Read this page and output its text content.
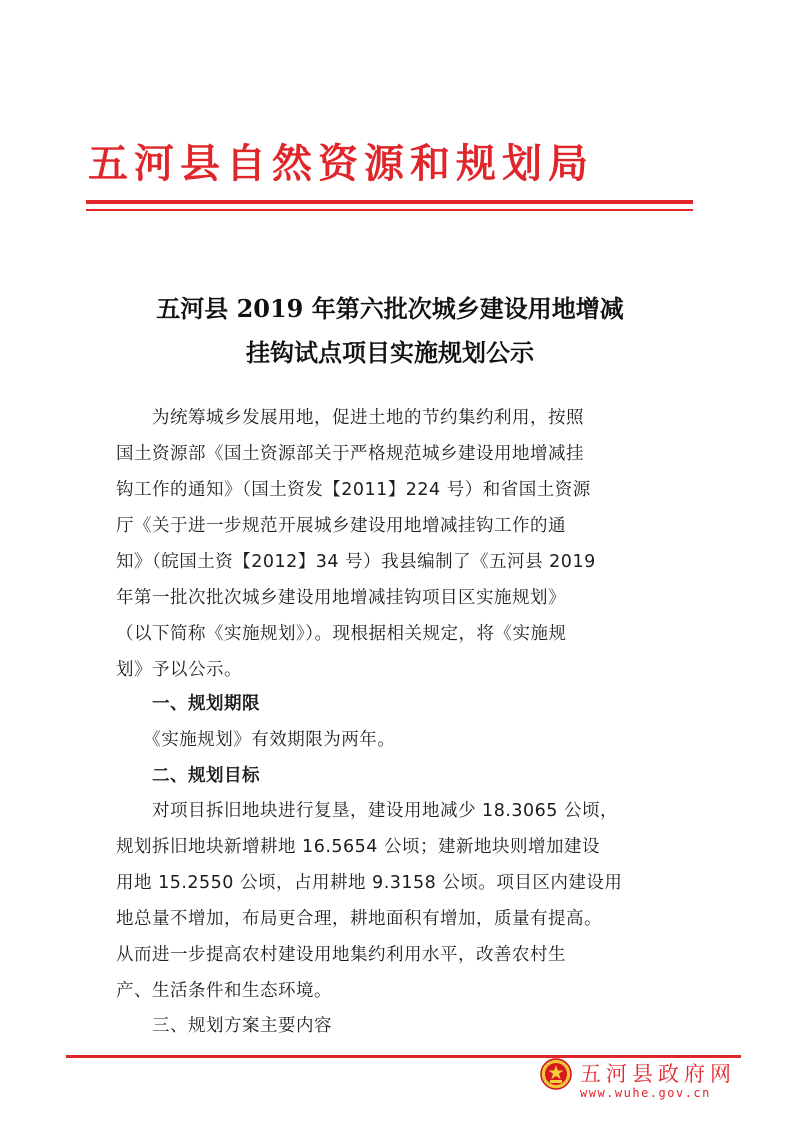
五河县自然资源和规划局
五河县 2019 年第六批次城乡建设用地增减
挂钩试点项目实施规划公示
　　为统筹城乡发展用地，促进土地的节约集约利用，按照
国土资源部《国土资源部关于严格规范城乡建设用地增减挂
钩工作的通知》（国土资发【2011】224 号）和省国土资源
厅《关于进一步规范开展城乡建设用地增减挂钩工作的通
知》（皖国土资【2012】34 号）我县编制了《五河县 2019
年第一批次批次城乡建设用地增减挂钩项目区实施规划》
（以下简称《实施规划》）。现根据相关规定，将《实施规
划》予以公示。
　　一、规划期限
　　《实施规划》有效期限为两年。
　　二、规划目标
　　对项目拆旧地块进行复垦，建设用地减少 18.3065 公顷，
规划拆旧地块新增耕地 16.5654 公顷；建新地块则增加建设
用地 15.2550 公顷，占用耕地 9.3158 公顷。项目区内建设用
地总量不增加，布局更合理，耕地面积有增加，质量有提高。
从而进一步提高农村建设用地集约利用水平，改善农村生
产、生活条件和生态环境。
　　三、规划方案主要内容
五河县政府网
www.wuhe.gov.cn
